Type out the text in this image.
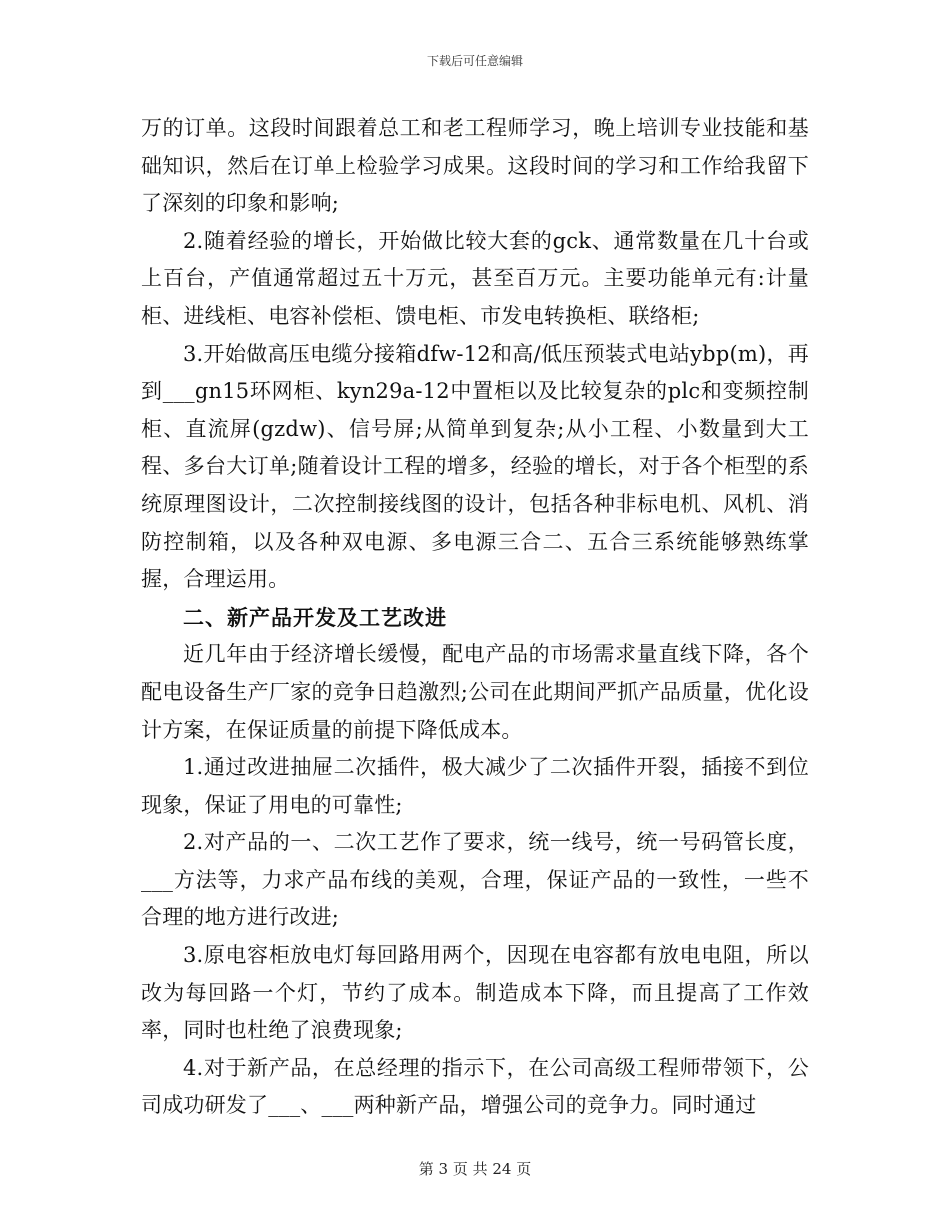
下载后可任意编辑

万的订单。这段时间跟着总工和老工程师学习，晚上培训专业技能和基础知识，然后在订单上检验学习成果。这段时间的学习和工作给我留下了深刻的印象和影响;

2.随着经验的增长，开始做比较大套的gck、通常数量在几十台或上百台，产值通常超过五十万元，甚至百万元。主要功能单元有:计量柜、进线柜、电容补偿柜、馈电柜、市发电转换柜、联络柜;

3.开始做高压电缆分接箱dfw-12和高/低压预装式电站ybp(m)，再到___gn15环网柜、kyn29a-12中置柜以及比较复杂的plc和变频控制柜、直流屏(gzdw)、信号屏;从简单到复杂;从小工程、小数量到大工程、多台大订单;随着设计工程的增多，经验的增长，对于各个柜型的系统原理图设计，二次控制接线图的设计，包括各种非标电机、风机、消防控制箱，以及各种双电源、多电源三合二、五合三系统能够熟练掌握，合理运用。

二、新产品开发及工艺改进

近几年由于经济增长缓慢，配电产品的市场需求量直线下降，各个配电设备生产厂家的竞争日趋激烈;公司在此期间严抓产品质量，优化设计方案，在保证质量的前提下降低成本。

1.通过改进抽屉二次插件，极大减少了二次插件开裂，插接不到位现象，保证了用电的可靠性;

2.对产品的一、二次工艺作了要求，统一线号，统一号码管长度，___方法等，力求产品布线的美观，合理，保证产品的一致性，一些不合理的地方进行改进;

3.原电容柜放电灯每回路用两个，因现在电容都有放电电阻，所以改为每回路一个灯，节约了成本。制造成本下降，而且提高了工作效率，同时也杜绝了浪费现象;

4.对于新产品，在总经理的指示下，在公司高级工程师带领下，公司成功研发了___、___两种新产品，增强公司的竞争力。同时通过

第 3 页 共 24 页
